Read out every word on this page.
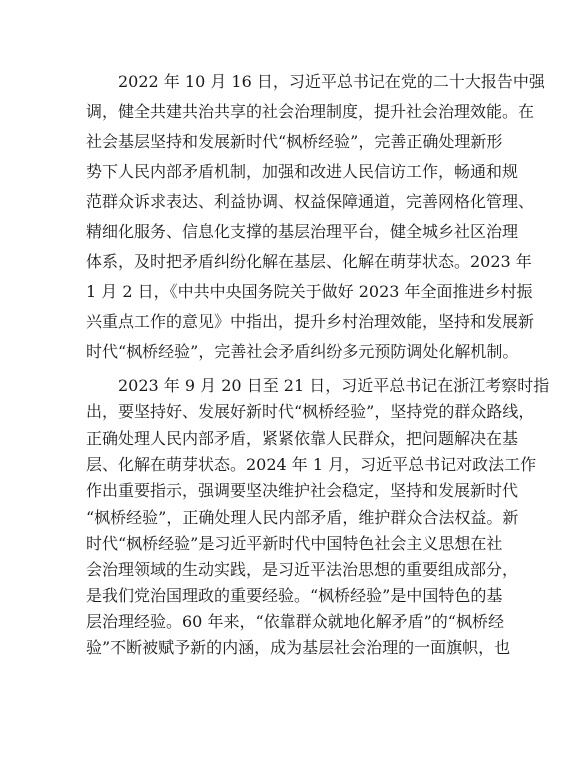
2022 年 10 月 16 日，习近平总书记在党的二十大报告中强
调，健全共建共治共享的社会治理制度，提升社会治理效能。在
社会基层坚持和发展新时代“枫桥经验”，完善正确处理新形
势下人民内部矛盾机制，加强和改进人民信访工作，畅通和规
范群众诉求表达、利益协调、权益保障通道，完善网格化管理、
精细化服务、信息化支撑的基层治理平台，健全城乡社区治理
体系，及时把矛盾纠纷化解在基层、化解在萌芽状态。2023 年
1 月 2 日，《中共中央国务院关于做好 2023 年全面推进乡村振
兴重点工作的意见》中指出，提升乡村治理效能，坚持和发展新
时代“枫桥经验”，完善社会矛盾纠纷多元预防调处化解机制。
2023 年 9 月 20 日至 21 日，习近平总书记在浙江考察时指
出，要坚持好、发展好新时代“枫桥经验”，坚持党的群众路线，
正确处理人民内部矛盾，紧紧依靠人民群众，把问题解决在基
层、化解在萌芽状态。2024 年 1 月，习近平总书记对政法工作
作出重要指示，强调要坚决维护社会稳定，坚持和发展新时代
“枫桥经验”，正确处理人民内部矛盾，维护群众合法权益。新
时代“枫桥经验”是习近平新时代中国特色社会主义思想在社
会治理领域的生动实践，是习近平法治思想的重要组成部分，
是我们党治国理政的重要经验。“枫桥经验”是中国特色的基
层治理经验。60 年来，“依靠群众就地化解矛盾”的“枫桥经
验”不断被赋予新的内涵，成为基层社会治理的一面旗帜，也
